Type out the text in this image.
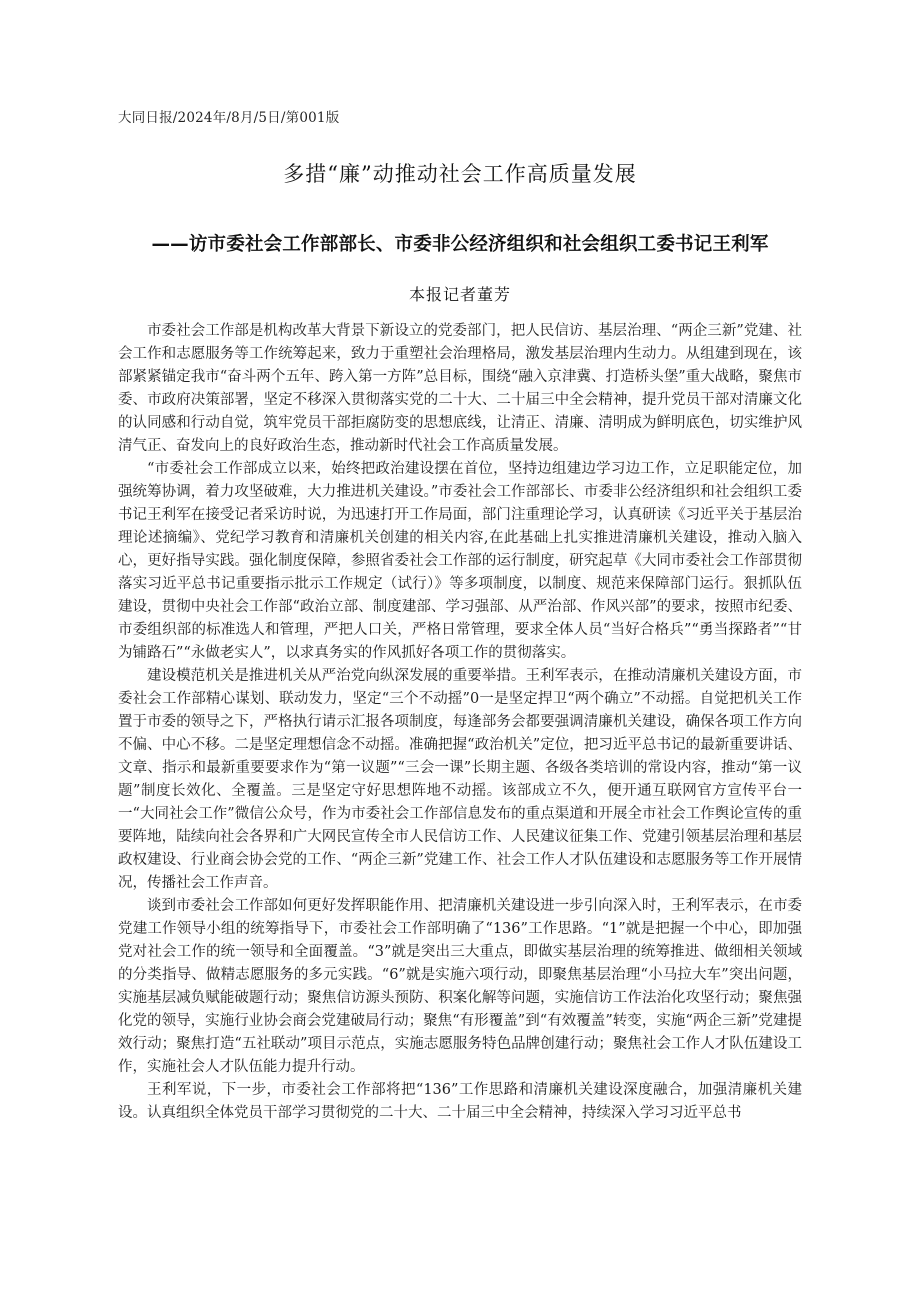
大同日报/2024年/8月/5日/第001版
多措“廉”动推动社会工作高质量发展
——访市委社会工作部部长、市委非公经济组织和社会组织工委书记王利军
本报记者董芳

市委社会工作部是机构改革大背景下新设立的党委部门，把人民信访、基层治理、“两企三新”党建、社会工作和志愿服务等工作统筹起来，致力于重塑社会治理格局，激发基层治理内生动力。从组建到现在，该部紧紧锚定我市“奋斗两个五年、跨入第一方阵”总目标，围绕“融入京津冀、打造桥头堡”重大战略，聚焦市委、市政府决策部署，坚定不移深入贯彻落实党的二十大、二十届三中全会精神，提升党员干部对清廉文化的认同感和行动自觉，筑牢党员干部拒腐防变的思想底线，让清正、清廉、清明成为鲜明底色，切实维护风清气正、奋发向上的良好政治生态，推动新时代社会工作高质量发展。

“市委社会工作部成立以来，始终把政治建设摆在首位，坚持边组建边学习边工作，立足职能定位，加强统筹协调，着力攻坚破难，大力推进机关建设。”市委社会工作部部长、市委非公经济组织和社会组织工委书记王利军在接受记者采访时说，为迅速打开工作局面，部门注重理论学习，认真研读《习近平关于基层治理论述摘编》、党纪学习教育和清廉机关创建的相关内容,在此基础上扎实推进清廉机关建设，推动入脑入心，更好指导实践。强化制度保障，参照省委社会工作部的运行制度，研究起草《大同市委社会工作部贯彻落实习近平总书记重要指示批示工作规定（试行）》等多项制度，以制度、规范来保障部门运行。狠抓队伍建设，贯彻中央社会工作部“政治立部、制度建部、学习强部、从严治部、作风兴部”的要求，按照市纪委、市委组织部的标准选人和管理，严把人口关，严格日常管理，要求全体人员“当好合格兵”“勇当探路者”“甘为铺路石”“永做老实人”，以求真务实的作风抓好各项工作的贯彻落实。

建设模范机关是推进机关从严治党向纵深发展的重要举措。王利军表示，在推动清廉机关建设方面，市委社会工作部精心谋划、联动发力，坚定“三个不动摇”0一是坚定捍卫“两个确立”不动摇。自觉把机关工作置于市委的领导之下，严格执行请示汇报各项制度，每逢部务会都要强调清廉机关建设，确保各项工作方向不偏、中心不移。二是坚定理想信念不动摇。准确把握“政治机关”定位，把习近平总书记的最新重要讲话、文章、指示和最新重要要求作为“第一议题”“三会一课”长期主题、各级各类培训的常设内容，推动“第一议题”制度长效化、全覆盖。三是坚定守好思想阵地不动摇。该部成立不久，便开通互联网官方宣传平台一一“大同社会工作”微信公众号，作为市委社会工作部信息发布的重点渠道和开展全市社会工作舆论宣传的重要阵地，陆续向社会各界和广大网民宣传全市人民信访工作、人民建议征集工作、党建引领基层治理和基层政权建设、行业商会协会党的工作、“两企三新”党建工作、社会工作人才队伍建设和志愿服务等工作开展情况，传播社会工作声音。

谈到市委社会工作部如何更好发挥职能作用、把清廉机关建设进一步引向深入时，王利军表示，在市委党建工作领导小组的统筹指导下，市委社会工作部明确了“136”工作思路。“1”就是把握一个中心，即加强党对社会工作的统一领导和全面覆盖。“3”就是突出三大重点，即做实基层治理的统筹推进、做细相关领域的分类指导、做精志愿服务的多元实践。“6”就是实施六项行动，即聚焦基层治理“小马拉大车”突出问题，实施基层减负赋能破题行动；聚焦信访源头预防、积案化解等问题，实施信访工作法治化攻坚行动；聚焦强化党的领导，实施行业协会商会党建破局行动；聚焦“有形覆盖”到“有效覆盖”转变，实施“两企三新”党建提效行动；聚焦打造“五社联动”项目示范点，实施志愿服务特色品牌创建行动；聚焦社会工作人才队伍建设工作，实施社会人才队伍能力提升行动。

王利军说，下一步，市委社会工作部将把“136”工作思路和清廉机关建设深度融合，加强清廉机关建设。认真组织全体党员干部学习贯彻党的二十大、二十届三中全会精神，持续深入学习习近平总书
